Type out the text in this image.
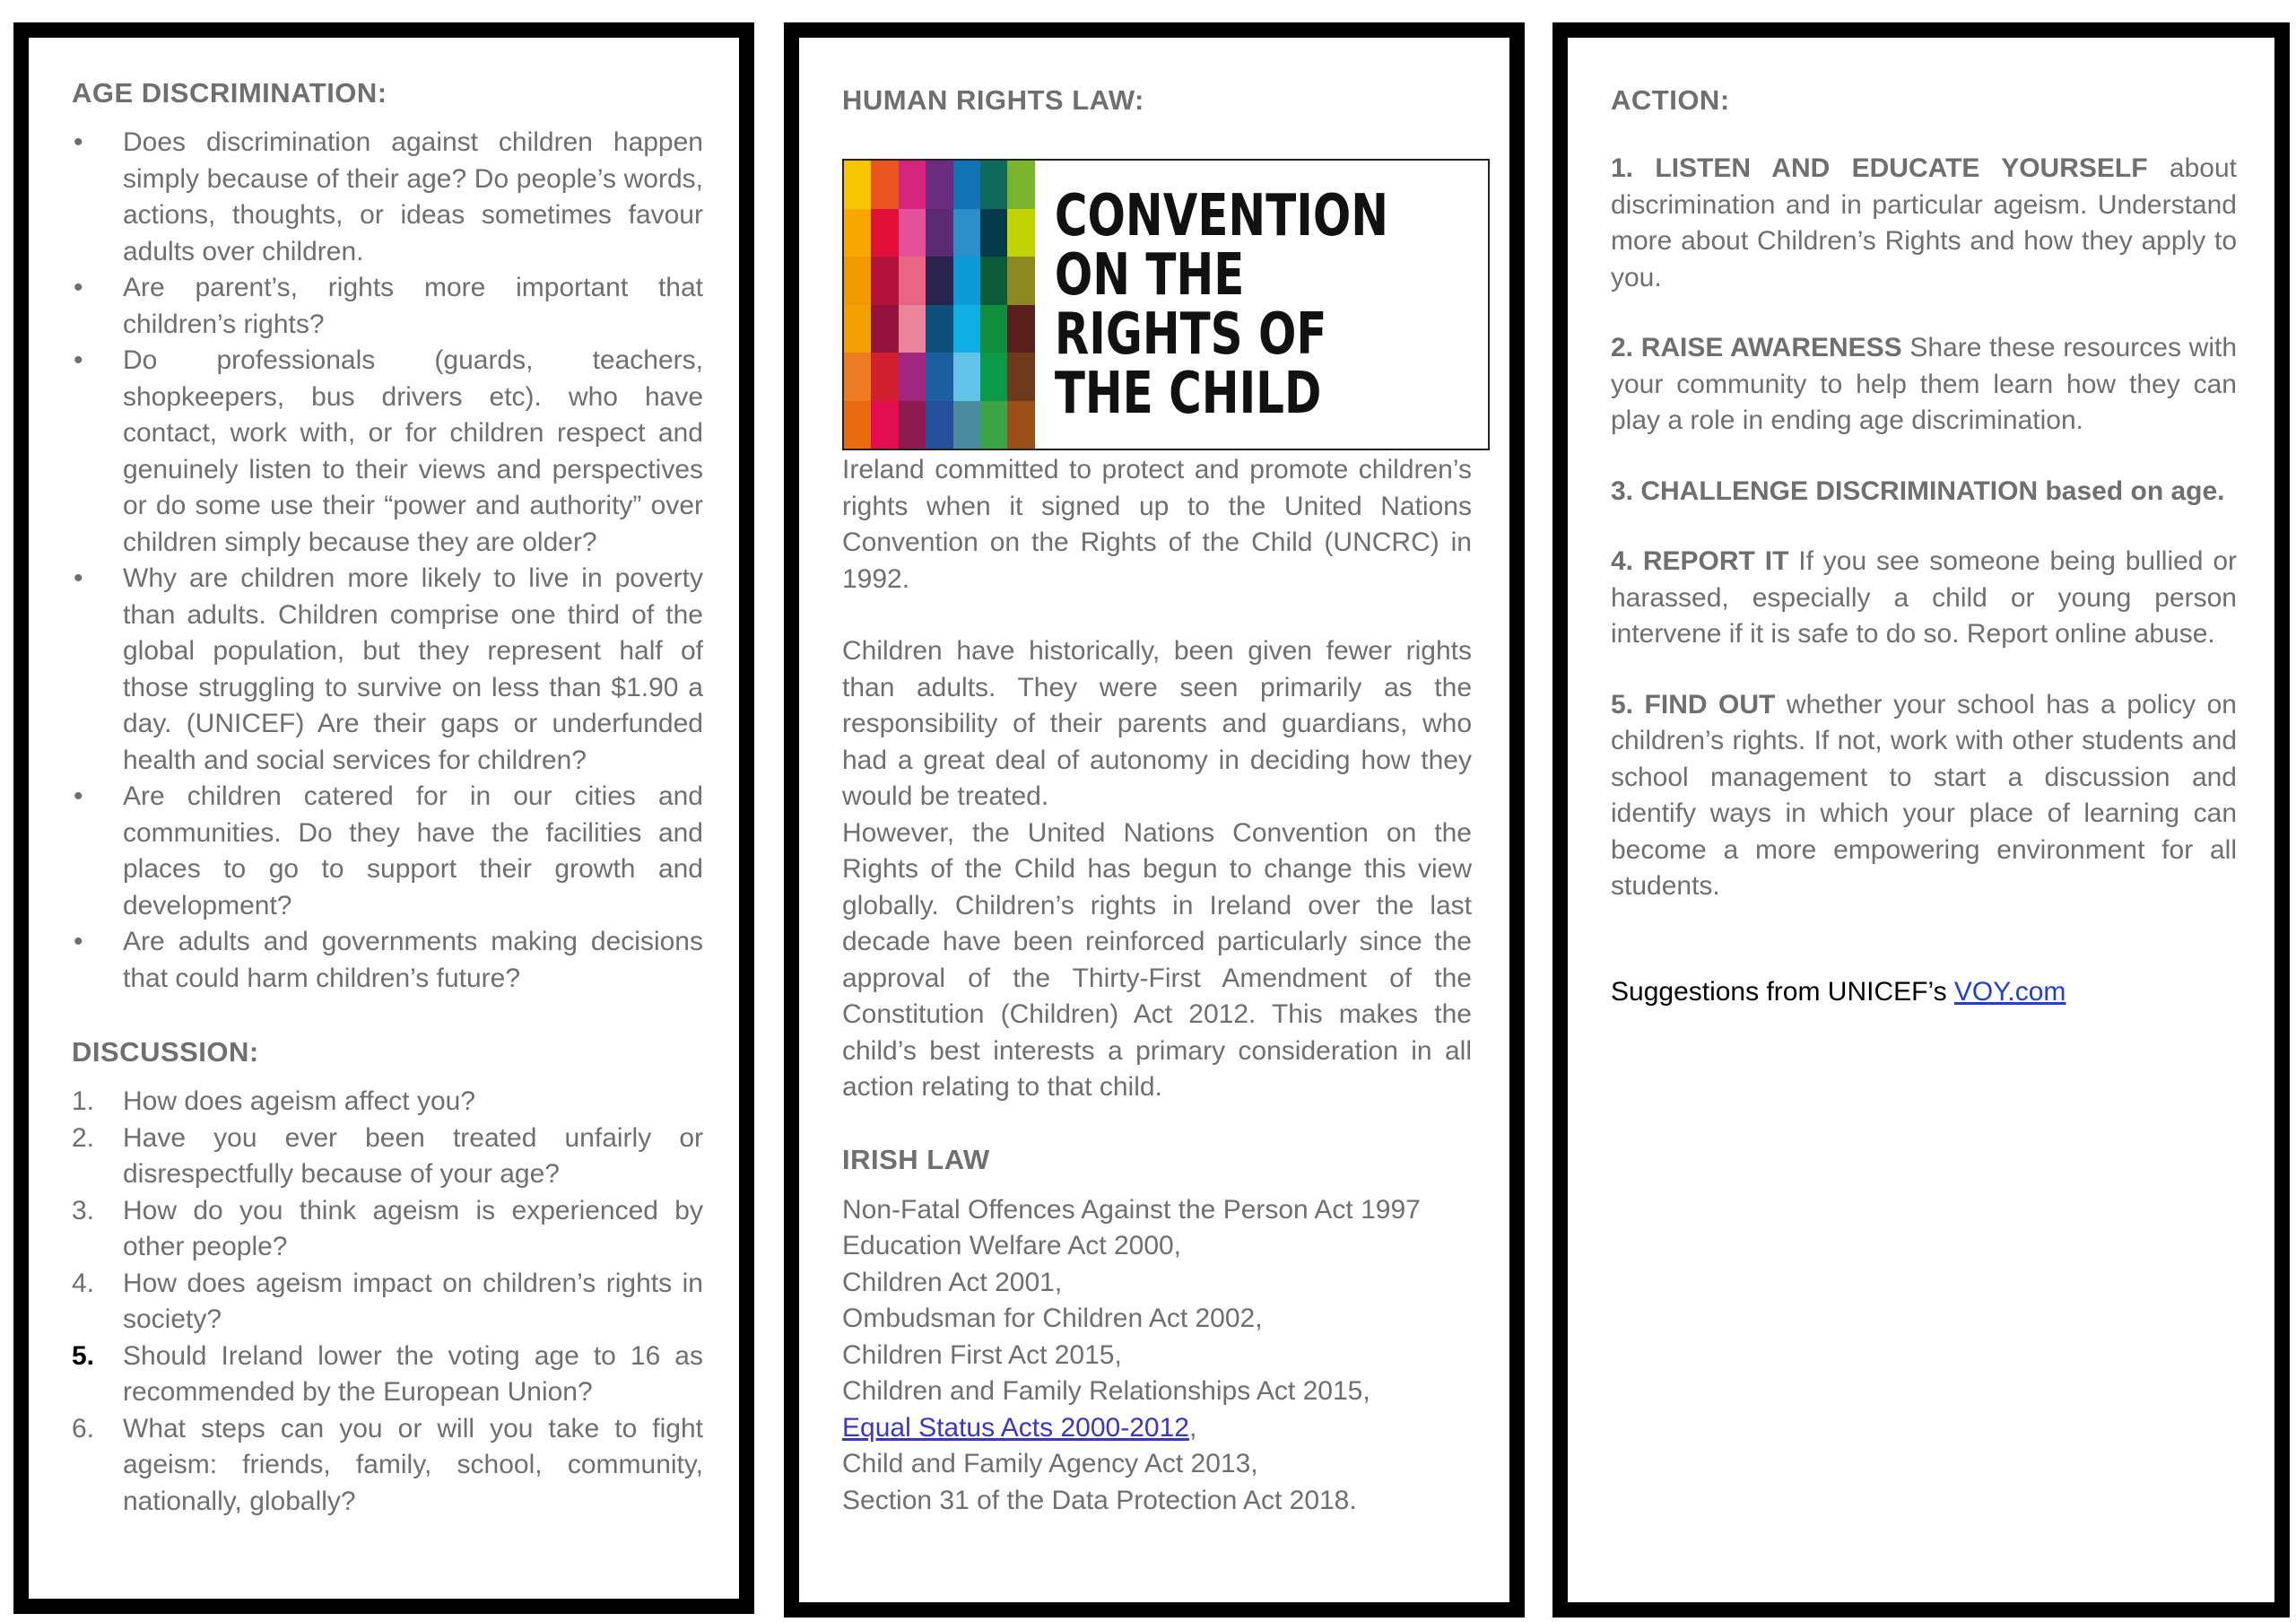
AGE DISCRIMINATION:
•	Does discrimination against children happen simply because of their age? Do people’s words, actions, thoughts, or ideas sometimes favour adults over children.
•	Are parent’s, rights more important that children’s rights?
•	Do professionals (guards, teachers, shopkeepers, bus drivers etc). who have contact, work with, or for children respect and genuinely listen to their views and perspectives or do some use their “power and authority” over children simply because they are older?
•	Why are children more likely to live in poverty than adults. Children comprise one third of the global population, but they represent half of those struggling to survive on less than $1.90 a day. (UNICEF) Are their gaps or underfunded health and social services for children?
•	Are children catered for in our cities and communities. Do they have the facilities and places to go to support their growth and development?
•	Are adults and governments making decisions that could harm children’s future?
DISCUSSION:
1. How does ageism affect you?
2. Have you ever been treated unfairly or disrespectfully because of your age?
3. How do you think ageism is experienced by other people?
4. How does ageism impact on children’s rights in society?
5. Should Ireland lower the voting age to 16 as recommended by the European Union?
6. What steps can you or will you take to fight ageism: friends, family, school, community, nationally, globally?
HUMAN RIGHTS LAW:
CONVENTION
ON THE
RIGHTS OF
THE CHILD
Ireland committed to protect and promote children’s rights when it signed up to the United Nations Convention on the Rights of the Child (UNCRC) in 1992.
Children have historically, been given fewer rights than adults. They were seen primarily as the responsibility of their parents and guardians, who had a great deal of autonomy in deciding how they would be treated.
However, the United Nations Convention on the Rights of the Child has begun to change this view globally. Children’s rights in Ireland over the last decade have been reinforced particularly since the approval of the Thirty-First Amendment of the Constitution (Children) Act 2012. This makes the child’s best interests a primary consideration in all action relating to that child.
IRISH LAW
Non-Fatal Offences Against the Person Act 1997
Education Welfare Act 2000,
Children Act 2001,
Ombudsman for Children Act 2002,
Children First Act 2015,
Children and Family Relationships Act 2015,
Equal Status Acts 2000-2012,
Child and Family Agency Act 2013,
Section 31 of the Data Protection Act 2018.
ACTION:

1. LISTEN AND EDUCATE YOURSELF about discrimination and in particular ageism. Understand more about Children’s Rights and how they apply to you.

2. RAISE AWARENESS Share these resources with your community to help them learn how they can play a role in ending age discrimination.

3. CHALLENGE DISCRIMINATION based on age.

4. REPORT IT If you see someone being bullied or harassed, especially a child or young person intervene if it is safe to do so. Report online abuse.

5. FIND OUT whether your school has a policy on children’s rights. If not, work with other students and school management to start a discussion and identify ways in which your place of learning can become a more empowering environment for all students.

Suggestions from UNICEF’s VOY.com
